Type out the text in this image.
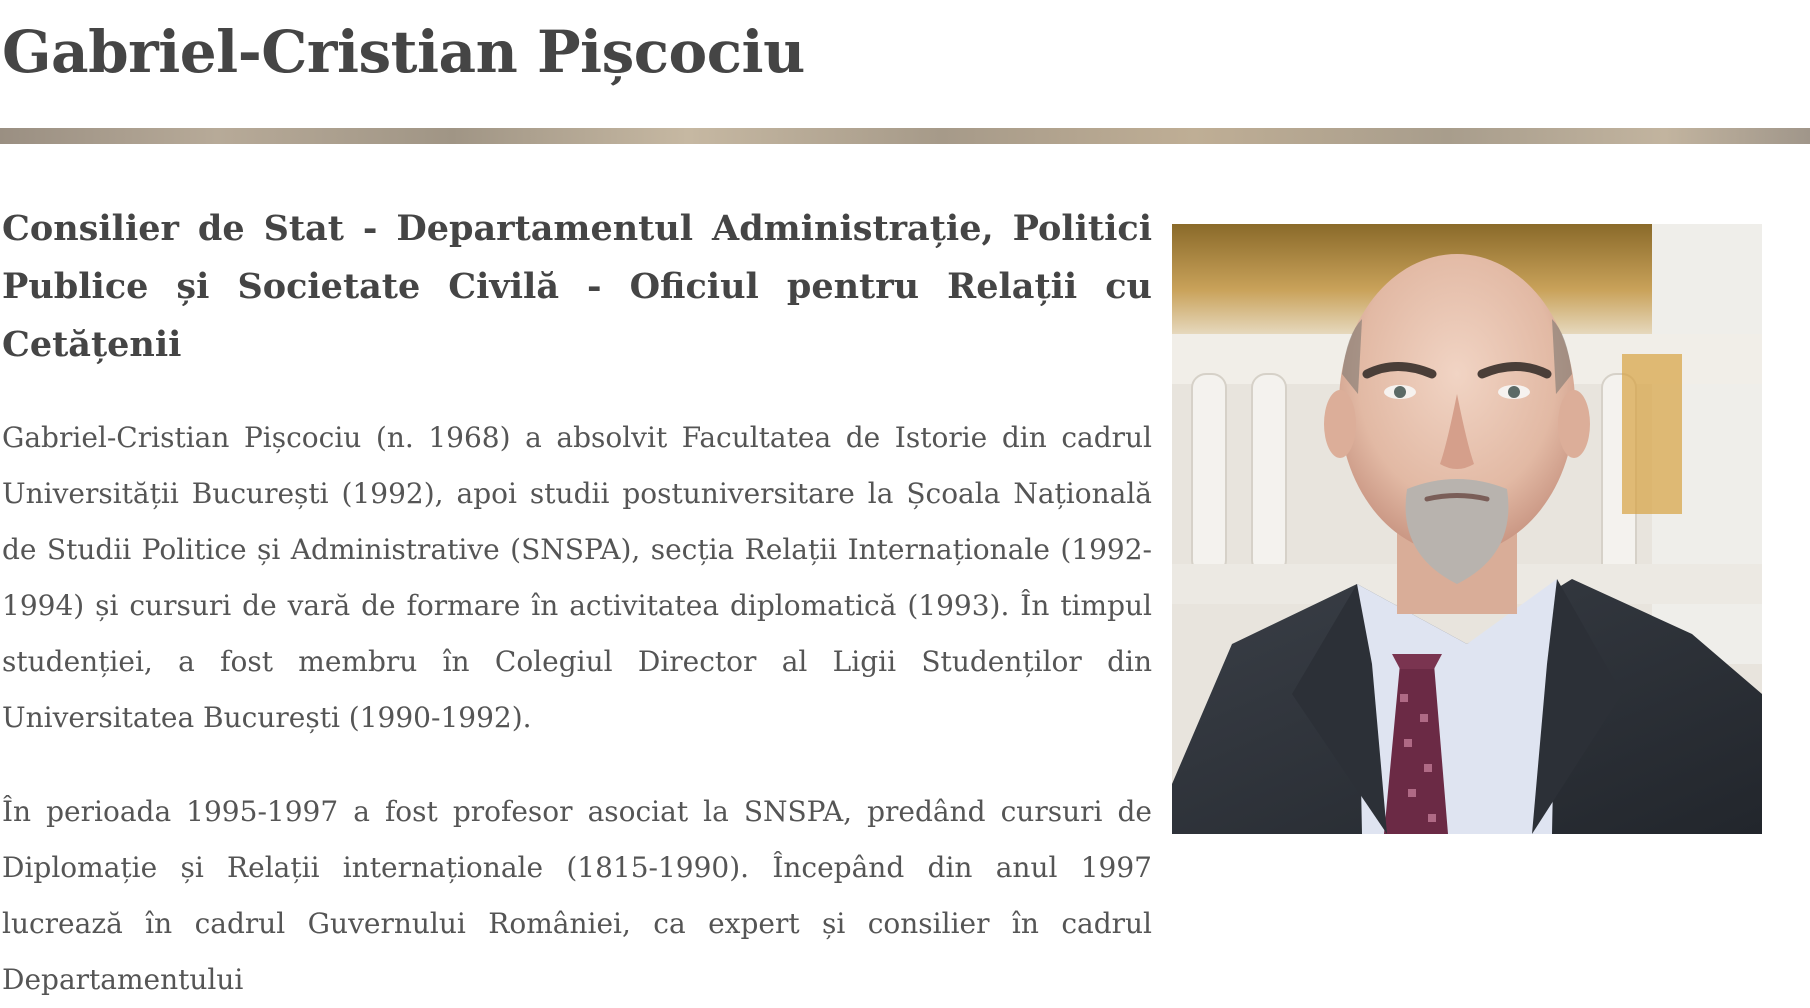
Gabriel-Cristian Pișcociu
Consilier de Stat - Departamentul Administrație, Politici Publice și Societate Civilă - Oficiul pentru Relații cu Cetățenii

Gabriel-Cristian Pișcociu (n. 1968) a absolvit Facultatea de Istorie din cadrul Universității București (1992), apoi studii postuniversitare la Școala Națională de Studii Politice și Administrative (SNSPA), secția Relații Internaționale (1992-1994) și cursuri de vară de formare în activitatea diplomatică (1993). În timpul studenției, a fost membru în Colegiul Director al Ligii Studenților din Universitatea București (1990-1992).

În perioada 1995-1997 a fost profesor asociat la SNSPA, predând cursuri de Diplomație și Relații internaționale (1815-1990). Începând din anul 1997 lucrează în cadrul Guvernului României, ca expert și consilier în cadrul Departamentului
